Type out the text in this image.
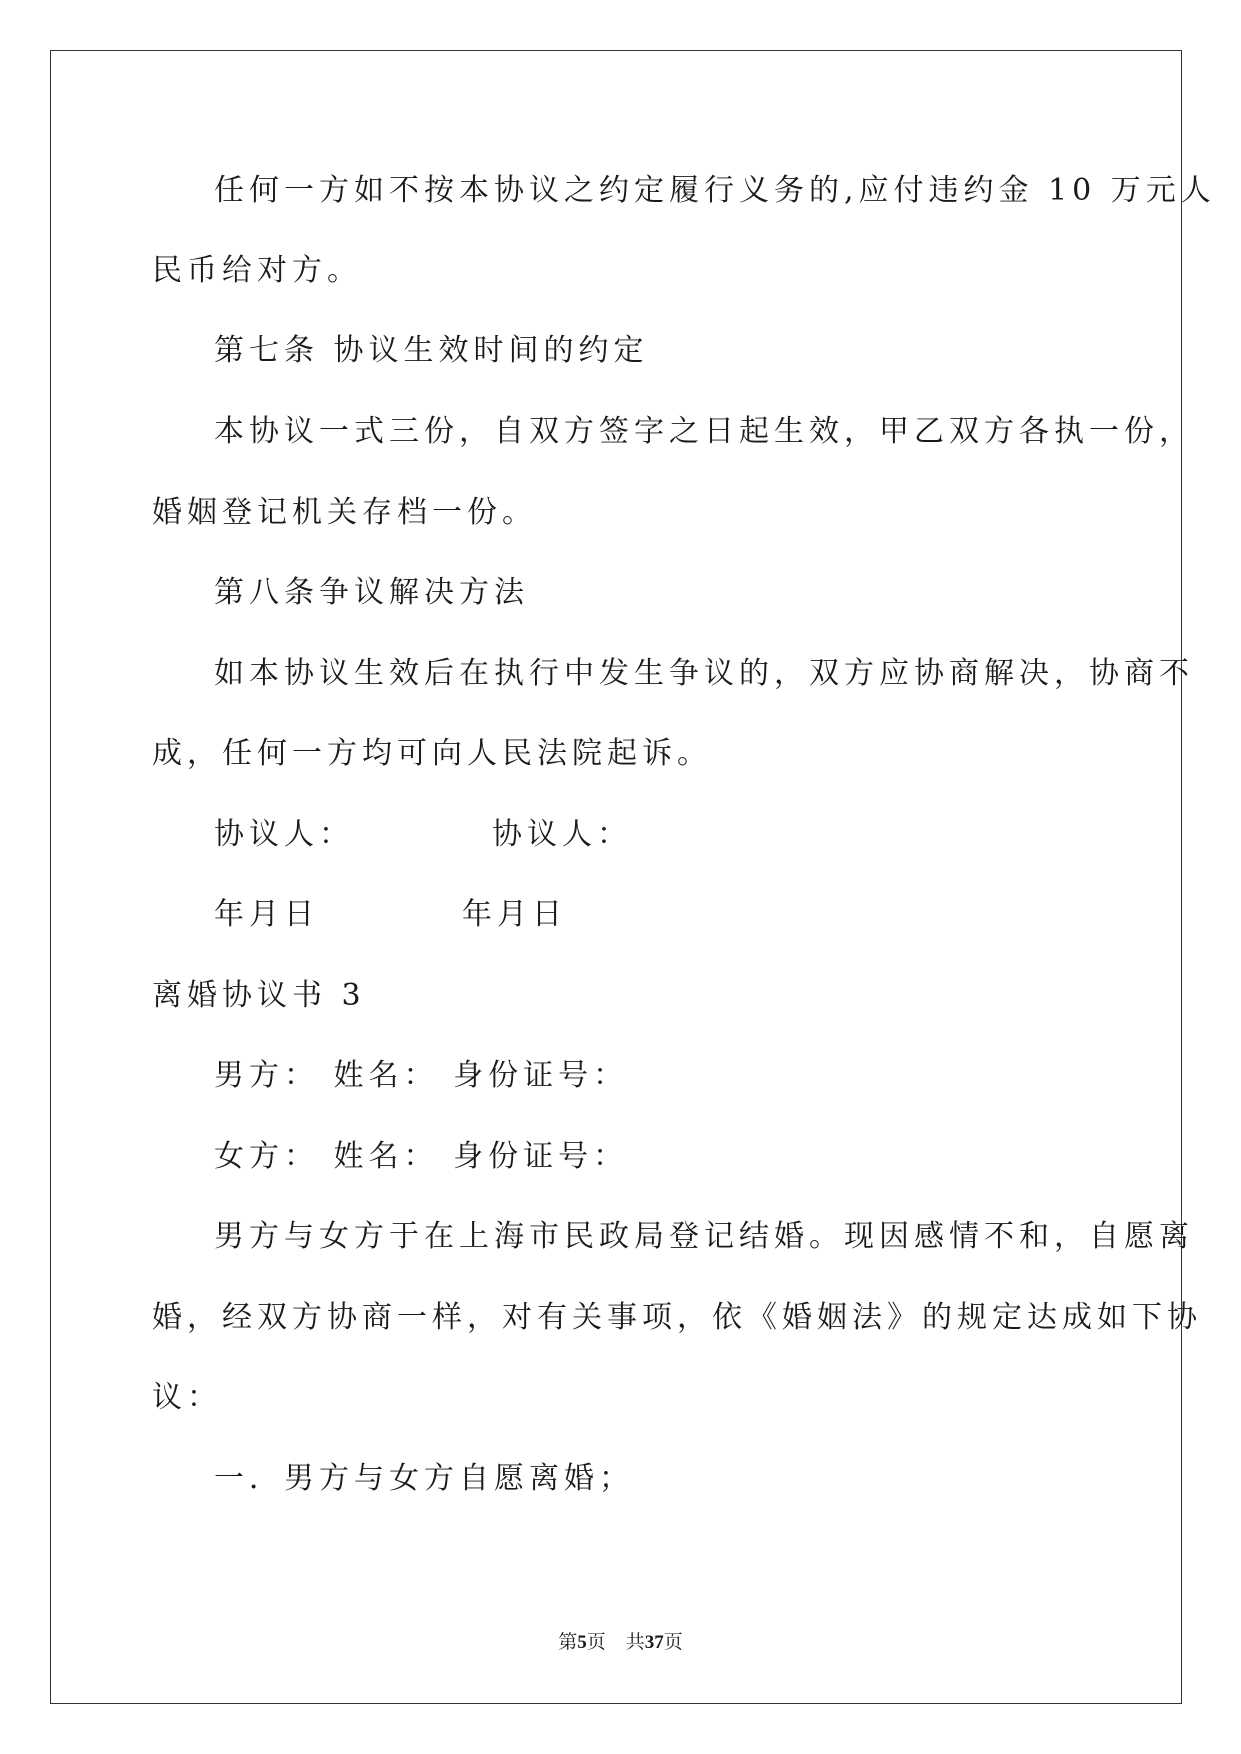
任何一方如不按本协议之约定履行义务的,应付违约金 10 万元人
民币给对方。
第七条 协议生效时间的约定
本协议一式三份，自双方签字之日起生效，甲乙双方各执一份，
婚姻登记机关存档一份。
第八条争议解决方法
如本协议生效后在执行中发生争议的，双方应协商解决，协商不
成，任何一方均可向人民法院起诉。
协议人：	协议人：
年月日	年月日
离婚协议书 3
男方： 姓名： 身份证号：
女方： 姓名： 身份证号：
男方与女方于在上海市民政局登记结婚。现因感情不和，自愿离
婚，经双方协商一样，对有关事项，依《婚姻法》的规定达成如下协
议：
一．男方与女方自愿离婚；
第5页 共37页
